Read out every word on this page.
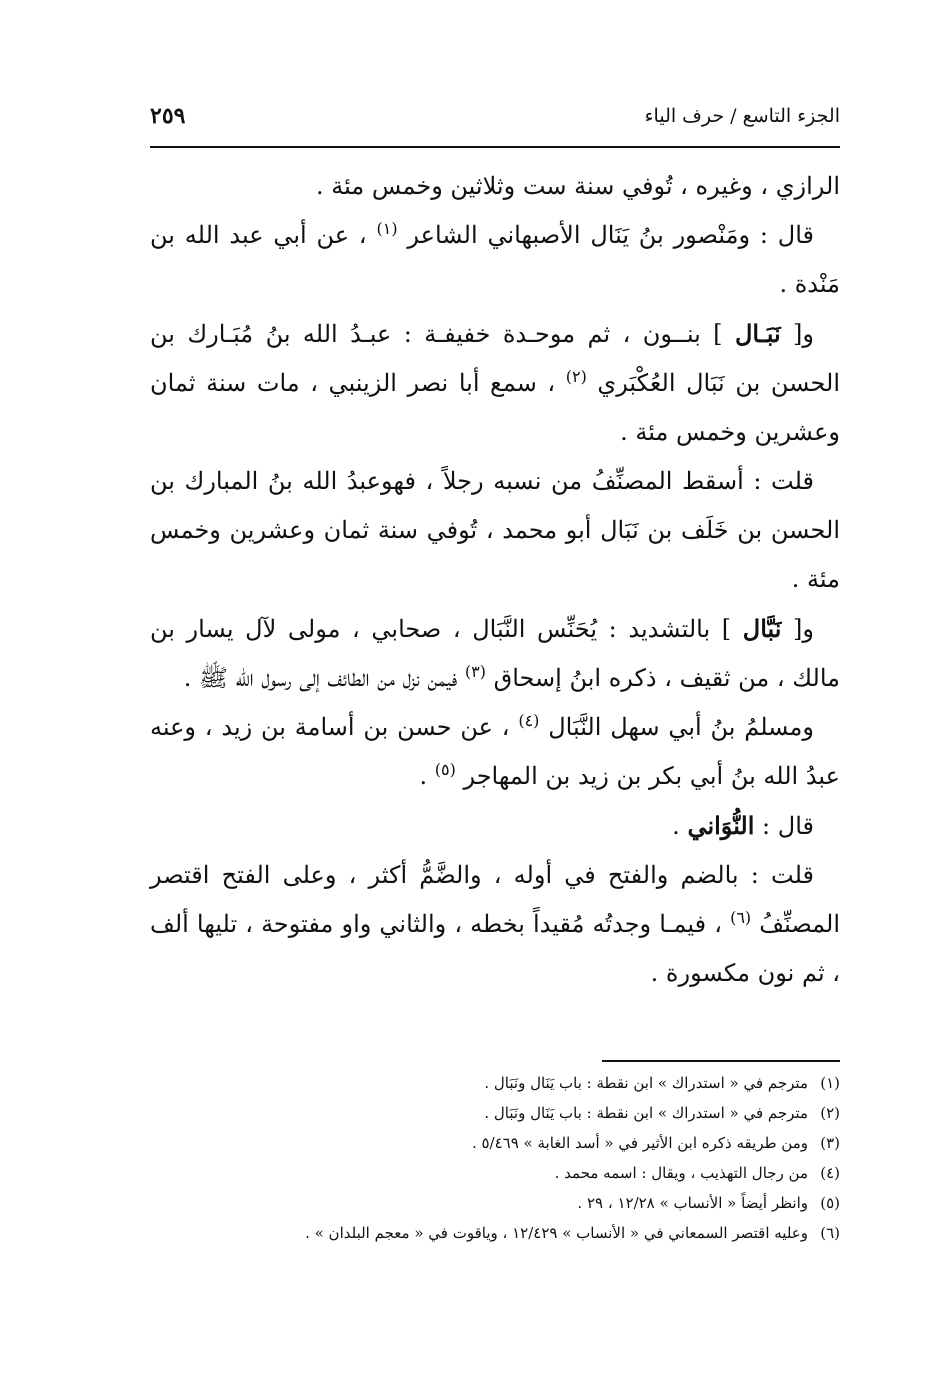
٢٥٩	الجزء التاسع / حرف الياء

الرازي ، وغيره ، تُوفي سنة ست وثلاثين وخمس مئة .

قال : ومَنْصور بنُ يَنَال الأصبهاني الشاعر $^{(١)}$ ، عن أبي عبد الله بن مَنْدة .

و[ نَبَـال ] بنــون ، ثم موحـدة خفيفـة : عبـدُ الله بنُ مُبَـارك بن الحسن بن نَبَال العُكْبَري $^{(٢)}$ ، سمع أبا نصر الزينبي ، مات سنة ثمان وعشرين وخمس مئة .

قلت : أسقط المصنِّفُ من نسبه رجلاً ، فهوعبدُ الله بنُ المبارك بن الحسن بن خَلَف بن نَبَال أبو محمد ، تُوفي سنة ثمان وعشرين وخمس مئة .

و[ نَبَّال ] بالتشديد : يُحَنِّس النَّبَال ، صحابي ، مولى لآل يسار بن مالك ، من ثقيف ، ذكره ابنُ إسحاق $^{(٣)}$ فيمن نزل من الطائف إلى رسول الله ﷺ .

ومسلمُ بنُ أبي سهل النَّبَال $^{(٤)}$ ، عن حسن بن أسامة بن زيد ، وعنه عبدُ الله بنُ أبي بكر بن زيد بن المهاجر $^{(٥)}$ .

قال : النُّوَاني .

قلت : بالضم والفتح في أوله ، والضَّمُّ أكثر ، وعلى الفتح اقتصر المصنِّفُ $^{(٦)}$ ، فيمـا وجدتُه مُقيداً بخطه ، والثاني واو مفتوحة ، تليها ألف ، ثم نون مكسورة .

(١)
مترجم في « استدراك » ابن نقطة : باب يَنَال ونَبَال .
(٢)
مترجم في « استدراك » ابن نقطة : باب يَنَال ونَبَال .
(٣)
ومن طريقه ذكره ابن الأثير في « أسد الغابة » ٥/٤٦٩ .
(٤)
من رجال التهذيب ، ويقال : اسمه محمد .
(٥)
وانظر أيضاً « الأنساب » ١٢/٢٨ ، ٢٩ .
(٦)
وعليه اقتصر السمعاني في « الأنساب » ١٢/٤٢٩ ، وياقوت في « معجم البلدان » .
